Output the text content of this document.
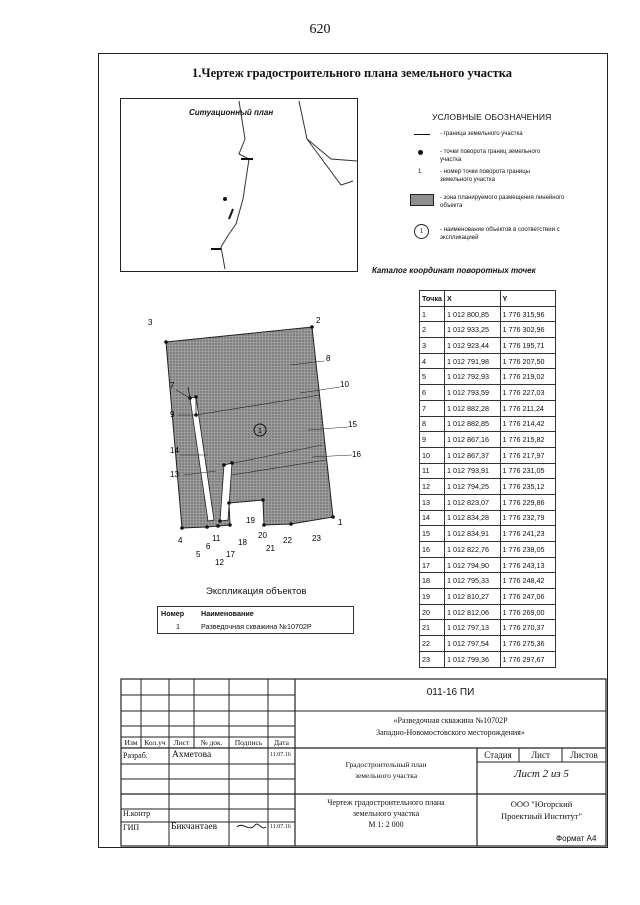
620
1.Чертеж градостроительного плана земельного участка
Ситуационный план	УСЛОВНЫЕ ОБОЗНАЧЕНИЯ
- граница земельного участка
- точки поворота границ земельного участка
1	- номер точки поворота границы земельного участка
- зона планируемого размещения линейного объекта
1	- наименование объектов в соответствии с экспликацией
1
1
2
3
4
5
6
7
8
9
10
11
12
13
14
15
16
17
18
19
20
21
22	23
Каталог координат поворотных точек
Точка	X	Y
1	1 012 800,85	1 776 315,96
2	1 012 933,25	1 776 302,96
3	1 012 923,44	1 776 195,71
4	1 012 791,98	1 776 207,50
5	1 012 792,93	1 776 219,02
6	1 012 793,59	1 776 227,03
7	1 012 882,28	1 776 211,24
8	1 012 882,85	1 776 214,42
9	1 012 867,16	1 776 215,82
10	1 012 867,37	1 776 217,97
11	1 012 793,91	1 776 231,05
12	1 012 794,25	1 776 235,12
13	1 012 823,07	1 776 229,86
14	1 012 834,28	1 776 232,79
15	1 012 834,91	1 776 241,23
16	1 012 822,76	1 776 238,05
17	1 012 794,90	1 776 243,13
18	1 012 795,33	1 776 248,42
19	1 012 810,27	1 776 247,06
20	1 012 812,06	1 776 269,00
21	1 012 797,13	1 776 270,37
22	1 012 797,54	1 776 275,36
23	1 012 799,36	1 776 297,67
Экспликация объектов
Номер	Наименование
1	Разведочная скважина №10702Р
011-16 ПИ
«Разведочная скважина №10702Р
Западно-Новомостовского месторождения»
Изм Кол.уч	Лист	№ док.	Подпись	Дата
Разраб.	Ахметова	11.07.16
Н.контр
ГИП	Бикчантаев	11.07.16
Градостроительный план
земельного участка
Чертеж градостроительного плана
земельного участка
М 1: 2 000
Стадия	Лист	Листов
Лист 2 из 5
ООО "Югорский
Проектный Институт"
Формат А4
